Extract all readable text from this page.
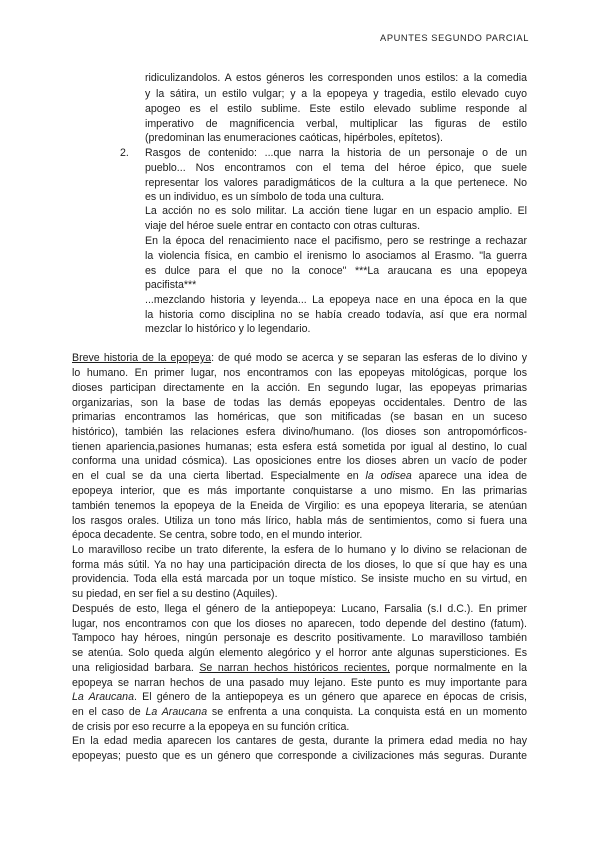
APUNTES SEGUNDO PARCIAL
ridiculizandolos. A estos géneros les corresponden unos estilos: a la comedia
y la sátira, un estilo vulgar; y a la epopeya y tragedia, estilo elevado cuyo
apogeo es el estilo sublime. Este estilo elevado sublime responde al
imperativo de magnificencia verbal, multiplicar las figuras de estilo
(predominan las enumeraciones caóticas, hipérboles, epítetos).
2. Rasgos de contenido: ...que narra la historia de un personaje o de un
pueblo... Nos encontramos con el tema del héroe épico, que suele
representar los valores paradigmáticos de la cultura a la que pertenece. No
es un individuo, es un símbolo de toda una cultura.
La acción no es solo militar. La acción tiene lugar en un espacio amplio. El
viaje del héroe suele entrar en contacto con otras culturas.
En la época del renacimiento nace el pacifismo, pero se restringe a rechazar
la violencia física, en cambio el irenismo lo asociamos al Erasmo. "la guerra
es dulce para el que no la conoce" ***La araucana es una epopeya
pacifista***
...mezclando historia y leyenda... La epopeya nace en una época en la que
la historia como disciplina no se había creado todavía, así que era normal
mezclar lo histórico y lo legendario.
Breve historia de la epopeya: de qué modo se acerca y se separan las esferas de lo divino y
lo humano. En primer lugar, nos encontramos con las epopeyas mitológicas, porque los
dioses participan directamente en la acción. En segundo lugar, las epopeyas primarias
organizarias, son la base de todas las demás epopeyas occidentales. Dentro de las
primarias encontramos las homéricas, que son mitificadas (se basan en un suceso
histórico), también las relaciones esfera divino/humano. (los dioses son antropomórficos-
tienen apariencia,pasiones humanas; esta esfera está sometida por igual al destino, lo cual
conforma una unidad cósmica). Las oposiciones entre los dioses abren un vacío de poder
en el cual se da una cierta libertad. Especialmente en la odisea aparece una idea de
epopeya interior, que es más importante conquistarse a uno mismo. En las primarias
también tenemos la epopeya de la Eneida de Virgilio: es una epopeya literaria, se atenúan
los rasgos orales. Utiliza un tono más lírico, habla más de sentimientos, como si fuera una
época decadente. Se centra, sobre todo, en el mundo interior.
Lo maravilloso recibe un trato diferente, la esfera de lo humano y lo divino se relacionan de
forma más sútil. Ya no hay una participación directa de los dioses, lo que sí que hay es una
providencia. Toda ella está marcada por un toque místico. Se insiste mucho en su virtud, en
su piedad, en ser fiel a su destino (Aquiles).
Después de esto, llega el género de la antiepopeya: Lucano, Farsalia (s.I d.C.). En primer
lugar, nos encontramos con que los dioses no aparecen, todo depende del destino (fatum).
Tampoco hay héroes, ningún personaje es descrito positivamente. Lo maravilloso también
se atenúa. Solo queda algún elemento alegórico y el horror ante algunas supersticiones. Es
una religiosidad barbara. Se narran hechos históricos recientes, porque normalmente en la
epopeya se narran hechos de una pasado muy lejano. Este punto es muy importante para
La Araucana. El género de la antiepopeya es un género que aparece en épocas de crisis,
en el caso de La Araucana se enfrenta a una conquista. La conquista está en un momento
de crisis por eso recurre a la epopeya en su función crítica.
En la edad media aparecen los cantares de gesta, durante la primera edad media no hay
epopeyas; puesto que es un género que corresponde a civilizaciones más seguras. Durante
